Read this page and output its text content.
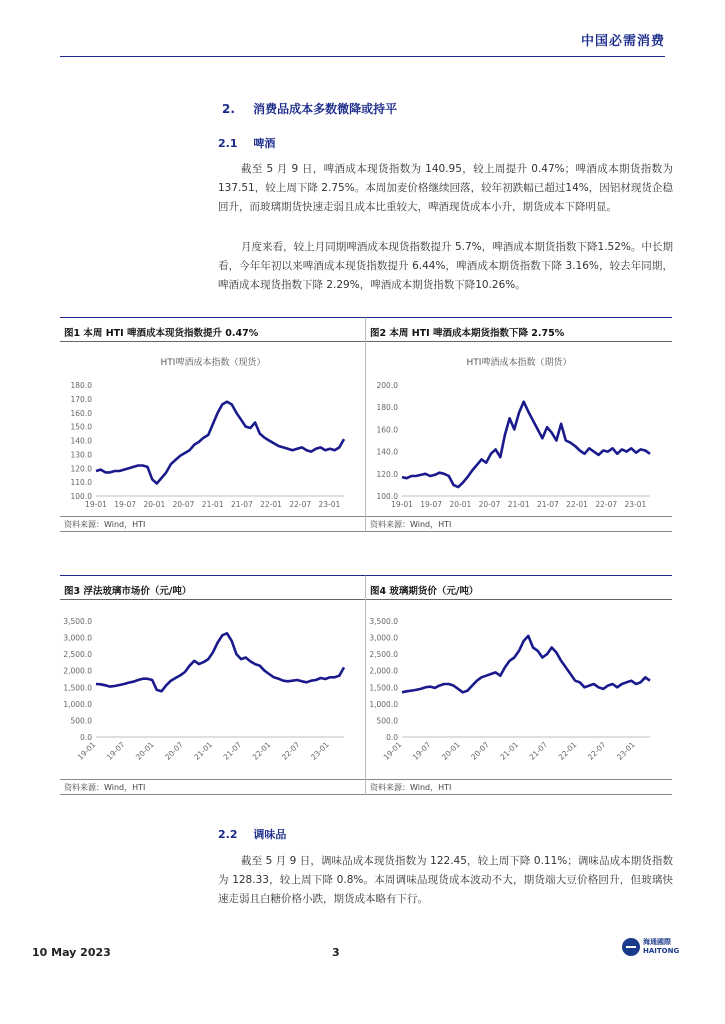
中国必需消费
2. 消费品成本多数微降或持平
2.1 啤酒

截至 5 月 9 日，啤酒成本现货指数为 140.95，较上周提升 0.47%；啤酒成本期货指数为 137.51，较上周下降 2.75%。本周加麦价格继续回落，较年初跌幅已超过14%，因铝材现货企稳回升，而玻璃期货快速走弱且成本比重较大，啤酒现货成本小升，期货成本下降明显。

月度来看，较上月同期啤酒成本现货指数提升 5.7%，啤酒成本期货指数下降1.52%。中长期看，今年年初以来啤酒成本现货指数提升 6.44%，啤酒成本期货指数下降 3.16%，较去年同期，啤酒成本现货指数下降 2.29%，啤酒成本期货指数下降10.26%。

图1 本周 HTI 啤酒成本现货指数提升 0.47%
HTI啤酒成本指数（现货）
180.0
170.0
160.0
150.0
140.0
130.0
120.0
110.0
100.0
19-01 19-07 20-01 20-07 21-01 21-07 22-01 22-07 23-01
资料来源：Wind，HTI
图2 本周 HTI 啤酒成本期货指数下降 2.75%
HTI啤酒成本指数（期货）
200.0
180.0
160.0
140.0
120.0
100.0
19-01 19-07 20-01 20-07 21-01 21-07 22-01 22-07 23-01
资料来源：Wind，HTI
图3 浮法玻璃市场价（元/吨）
3,500.0
3,000.0
2,500.0
2,000.0
1,500.0
1,000.0
500.0
0.0
19-01 19-07 20-01 20-07 21-01 21-07 22-01 22-07 23-01
资料来源：Wind，HTI
图4 玻璃期货价（元/吨）
3,500.0
3,000.0
2,500.0
2,000.0
1,500.0
1,000.0
500.0
0.0
19-01 19-07 20-01 20-07 21-01 21-07 22-01 22-07 23-01
资料来源：Wind，HTI
2.2 调味品

截至 5 月 9 日，调味品成本现货指数为 122.45，较上周下降 0.11%；调味品成本期货指数为 128.33，较上周下降 0.8%。本周调味品现货成本波动不大，期货端大豆价格回升，但玻璃快速走弱且白糖价格小跌，期货成本略有下行。

10 May 2023	3
海通國際
HAITONG
